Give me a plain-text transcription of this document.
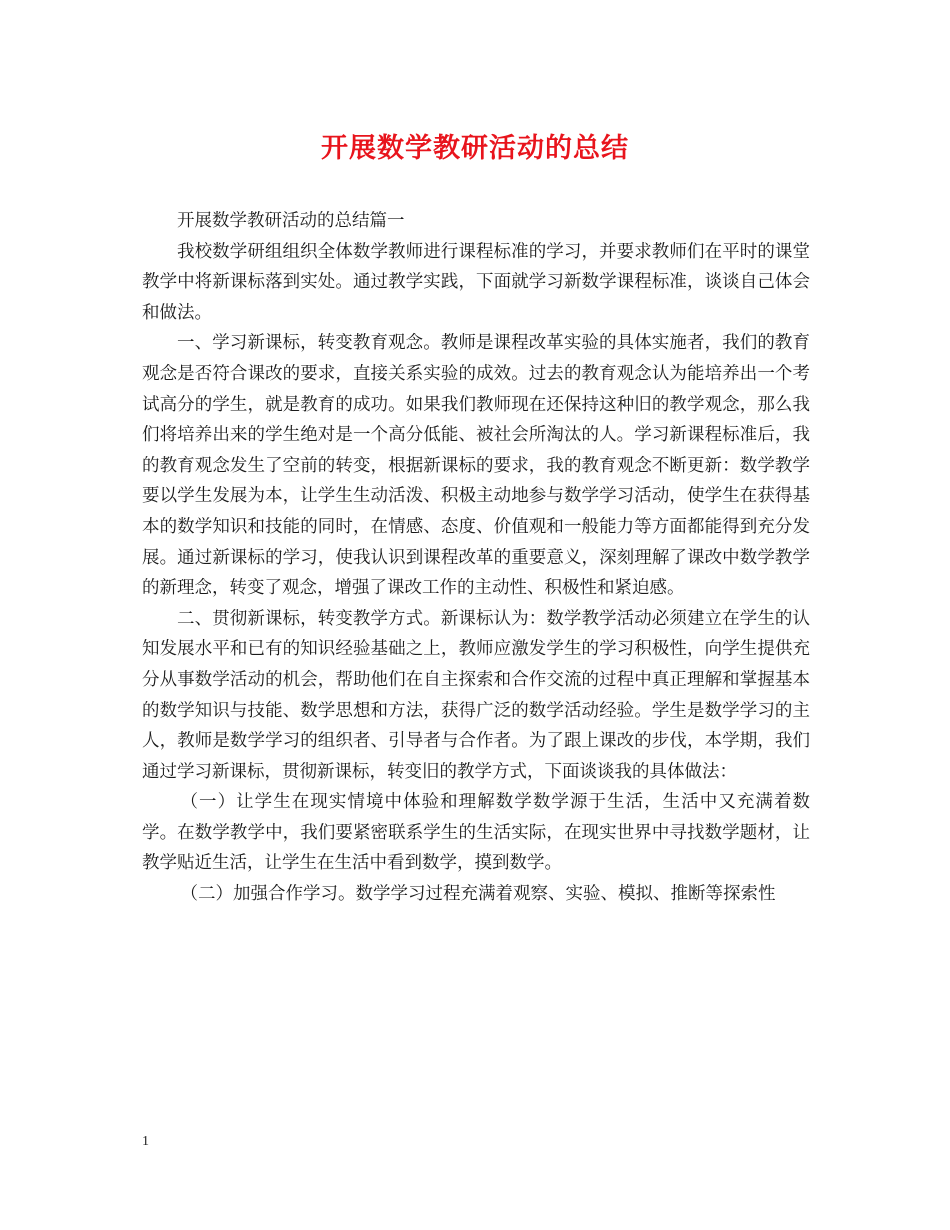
开展数学教研活动的总结

开展数学教研活动的总结篇一

我校数学研组组织全体数学教师进行课程标准的学习，并要求教师们在平时的课堂教学中将新课标落到实处。通过教学实践，下面就学习新数学课程标准，谈谈自己体会和做法。

一、学习新课标，转变教育观念。教师是课程改革实验的具体实施者，我们的教育观念是否符合课改的要求，直接关系实验的成效。过去的教育观念认为能培养出一个考试高分的学生，就是教育的成功。如果我们教师现在还保持这种旧的教学观念，那么我们将培养出来的学生绝对是一个高分低能、被社会所淘汰的人。学习新课程标准后，我的教育观念发生了空前的转变，根据新课标的要求，我的教育观念不断更新：数学教学要以学生发展为本，让学生生动活泼、积极主动地参与数学学习活动，使学生在获得基本的数学知识和技能的同时，在情感、态度、价值观和一般能力等方面都能得到充分发展。通过新课标的学习，使我认识到课程改革的重要意义，深刻理解了课改中数学教学的新理念，转变了观念，增强了课改工作的主动性、积极性和紧迫感。

二、贯彻新课标，转变教学方式。新课标认为：数学教学活动必须建立在学生的认知发展水平和已有的知识经验基础之上，教师应激发学生的学习积极性，向学生提供充分从事数学活动的机会，帮助他们在自主探索和合作交流的过程中真正理解和掌握基本的数学知识与技能、数学思想和方法，获得广泛的数学活动经验。学生是数学学习的主人，教师是数学学习的组织者、引导者与合作者。为了跟上课改的步伐，本学期，我们通过学习新课标，贯彻新课标，转变旧的教学方式，下面谈谈我的具体做法：

（一）让学生在现实情境中体验和理解数学数学源于生活，生活中又充满着数学。在数学教学中，我们要紧密联系学生的生活实际，在现实世界中寻找数学题材，让教学贴近生活，让学生在生活中看到数学，摸到数学。

（二）加强合作学习。数学学习过程充满着观察、实验、模拟、推断等探索性

1
